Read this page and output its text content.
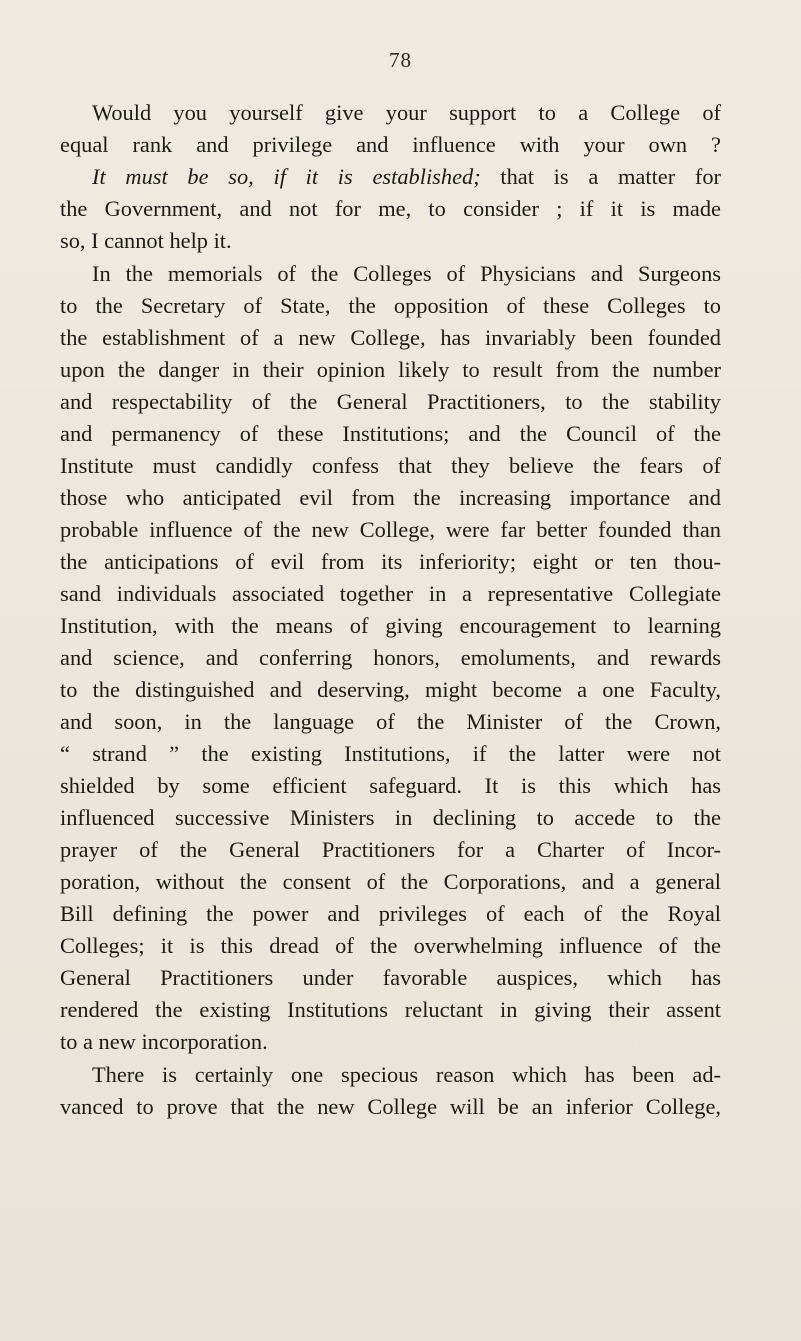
78
Would you yourself give your support to a College of
equal rank and privilege and influence with your own ?
It must be so, if it is established; that is a matter for
the Government, and not for me, to consider ; if it is made
so, I cannot help it.
In the memorials of the Colleges of Physicians and Surgeons
to the Secretary of State, the opposition of these Colleges to
the establishment of a new College, has invariably been founded
upon the danger in their opinion likely to result from the number
and respectability of the General Practitioners, to the stability
and permanency of these Institutions; and the Council of the
Institute must candidly confess that they believe the fears of
those who anticipated evil from the increasing importance and
probable influence of the new College, were far better founded than
the anticipations of evil from its inferiority; eight or ten thou-
sand individuals associated together in a representative Collegiate
Institution, with the means of giving encouragement to learning
and science, and conferring honors, emoluments, and rewards
to the distinguished and deserving, might become a one Faculty,
and soon, in the language of the Minister of the Crown,
“ strand ” the existing Institutions, if the latter were not
shielded by some efficient safeguard. It is this which has
influenced successive Ministers in declining to accede to the
prayer of the General Practitioners for a Charter of Incor-
poration, without the consent of the Corporations, and a general
Bill defining the power and privileges of each of the Royal
Colleges; it is this dread of the overwhelming influence of the
General Practitioners under favorable auspices, which has
rendered the existing Institutions reluctant in giving their assent
to a new incorporation.
There is certainly one specious reason which has been ad-
vanced to prove that the new College will be an inferior College,
